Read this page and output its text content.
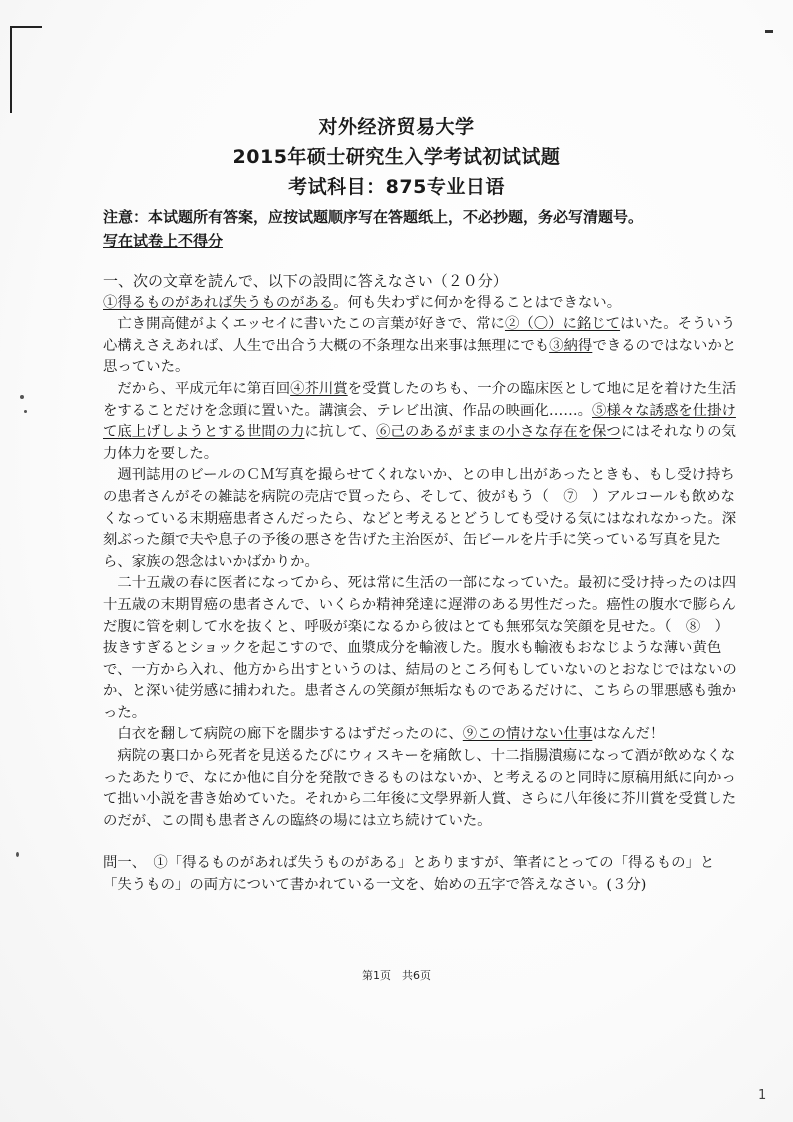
1
对外经济贸易大学
2015年硕士研究生入学考试初试试题
考试科目：875专业日语
注意：本试题所有答案，应按试题顺序写在答题纸上，不必抄题，务必写清题号。
写在试卷上不得分

一、次の文章を読んで、以下の設問に答えなさい（２０分）

①得るものがあれば失うものがある。何も失わずに何かを得ることはできない。

亡き開高健がよくエッセイに書いたこの言葉が好きで、常に②（〇）に銘じてはいた。そういう心構えさえあれば、人生で出合う大概の不条理な出来事は無理にでも③納得できるのではないかと思っていた。

だから、平成元年に第百回④芥川賞を受賞したのちも、一介の臨床医として地に足を着けた生活をすることだけを念頭に置いた。講演会、テレビ出演、作品の映画化……。⑤様々な誘惑を仕掛けて底上げしようとする世間の力に抗して、⑥己のあるがままの小さな存在を保つにはそれなりの気力体力を要した。

週刊誌用のビールのＣＭ写真を撮らせてくれないか、との申し出があったときも、もし受け持ちの患者さんがその雑誌を病院の売店で買ったら、そして、彼がもう（　⑦　）アルコールも飲めなくなっている末期癌患者さんだったら、などと考えるとどうしても受ける気にはなれなかった。深刻ぶった顔で夫や息子の予後の悪さを告げた主治医が、缶ビールを片手に笑っている写真を見たら、家族の怨念はいかばかりか。

二十五歳の春に医者になってから、死は常に生活の一部になっていた。最初に受け持ったのは四十五歳の末期胃癌の患者さんで、いくらか精神発達に遅滞のある男性だった。癌性の腹水で膨らんだ腹に管を刺して水を抜くと、呼吸が楽になるから彼はとても無邪気な笑顔を見せた。（　⑧　）抜きすぎるとショックを起こすので、血漿成分を輸液した。腹水も輸液もおなじような薄い黄色で、一方から入れ、他方から出すというのは、結局のところ何もしていないのとおなじではないのか、と深い徒労感に捕われた。患者さんの笑顔が無垢なものであるだけに、こちらの罪悪感も強かった。

白衣を翻して病院の廊下を闊歩するはずだったのに、⑨この情けない仕事はなんだ！

病院の裏口から死者を見送るたびにウィスキーを痛飲し、十二指腸潰瘍になって酒が飲めなくなったあたりで、なにか他に自分を発散できるものはないか、と考えるのと同時に原稿用紙に向かって拙い小説を書き始めていた。それから二年後に文學界新人賞、さらに八年後に芥川賞を受賞したのだが、この間も患者さんの臨終の場には立ち続けていた。

問一、　①「得るものがあれば失うものがある」とありますが、筆者にとっての「得るもの」と「失うもの」の両方について書かれている一文を、始めの五字で答えなさい。(３分)

第1页　共6页
